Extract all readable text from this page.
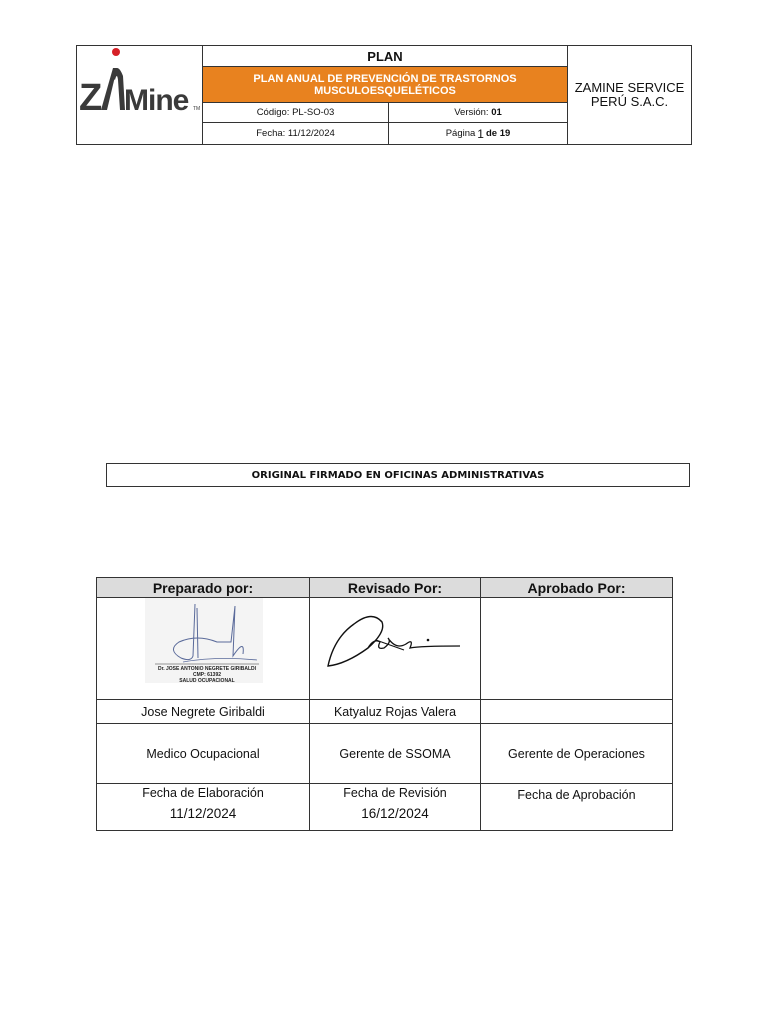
Z Mine TM
PLAN
PLAN ANUAL DE PREVENCIÓN DE TRASTORNOS MUSCULOESQUELÉTICOS
Código: PL-SO-03	Versión:
01
Fecha: 11/12/2024	Página 1 de 19
ZAMINE SERVICE PERÚ S.A.C.
ORIGINAL FIRMADO EN OFICINAS ADMINISTRATIVAS
Preparado por:
Dr. JOSE ANTONIO NEGRETE GIRIBALDI
CMP: 61392
SALUD OCUPACIONAL
Jose Negrete Giribaldi
Medico Ocupacional
Fecha de Elaboración
11/12/2024
Revisado Por:
Katyaluz Rojas Valera
Gerente de SSOMA
Fecha de Revisión
16/12/2024
Aprobado Por:
Gerente de Operaciones
Fecha de Aprobación
